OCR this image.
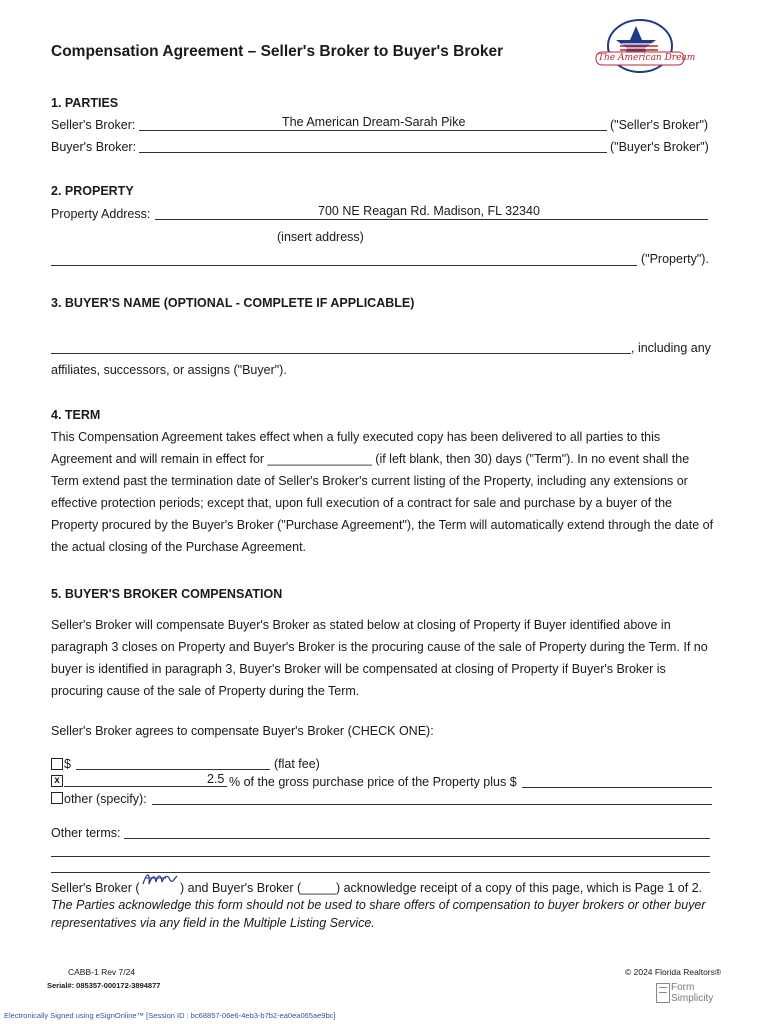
Compensation Agreement – Seller's Broker to Buyer's Broker	The American Dream
1. PARTIES
Seller's Broker:	The American Dream-Sarah Pike	("Seller's Broker")
Buyer's Broker:	("Buyer's Broker")
2. PROPERTY
Property Address:	700 NE Reagan Rd. Madison, FL 32340
(insert address)
("Property").
3. BUYER'S NAME (OPTIONAL - COMPLETE IF APPLICABLE)
, including any
affiliates, successors, or assigns ("Buyer").
4. TERM
This Compensation Agreement takes effect when a fully executed copy has been delivered to all parties to this
Agreement and will remain in effect for _______________ (if left blank, then 30) days ("Term"). In no event shall the
Term extend past the termination date of Seller's Broker's current listing of the Property, including any extensions or
effective protection periods; except that, upon full execution of a contract for sale and purchase by a buyer of the
Property procured by the Buyer's Broker ("Purchase Agreement"), the Term will automatically extend through the date of
the actual closing of the Purchase Agreement.
5. BUYER'S BROKER COMPENSATION
Seller's Broker will compensate Buyer's Broker as stated below at closing of Property if Buyer identified above in
paragraph 3 closes on Property and Buyer's Broker is the procuring cause of the sale of Property during the Term. If no
buyer is identified in paragraph 3, Buyer's Broker will be compensated at closing of Property if Buyer's Broker is
procuring cause of the sale of Property during the Term.
Seller's Broker agrees to compensate Buyer's Broker (CHECK ONE):
$	(flat fee)
x	2.5 % of the gross purchase price of the Property plus $
other (specify):
Other terms:
Seller's Broker (	) and Buyer's Broker (_____) acknowledge receipt of a copy of this page, which is Page 1 of 2.
The Parties acknowledge this form should not be used to share offers of compensation to buyer brokers or other buyer
representatives via any field in the Multiple Listing Service.
CABB-1 Rev 7/24
Serial#: 085357-000172-3894877
© 2024 Florida Realtors®
Form
Simplicity
Electronically Signed using eSignOnline™ [Session ID : bc68857-06e6-4eb3-b7b2-ea0ea065ae9bc]
